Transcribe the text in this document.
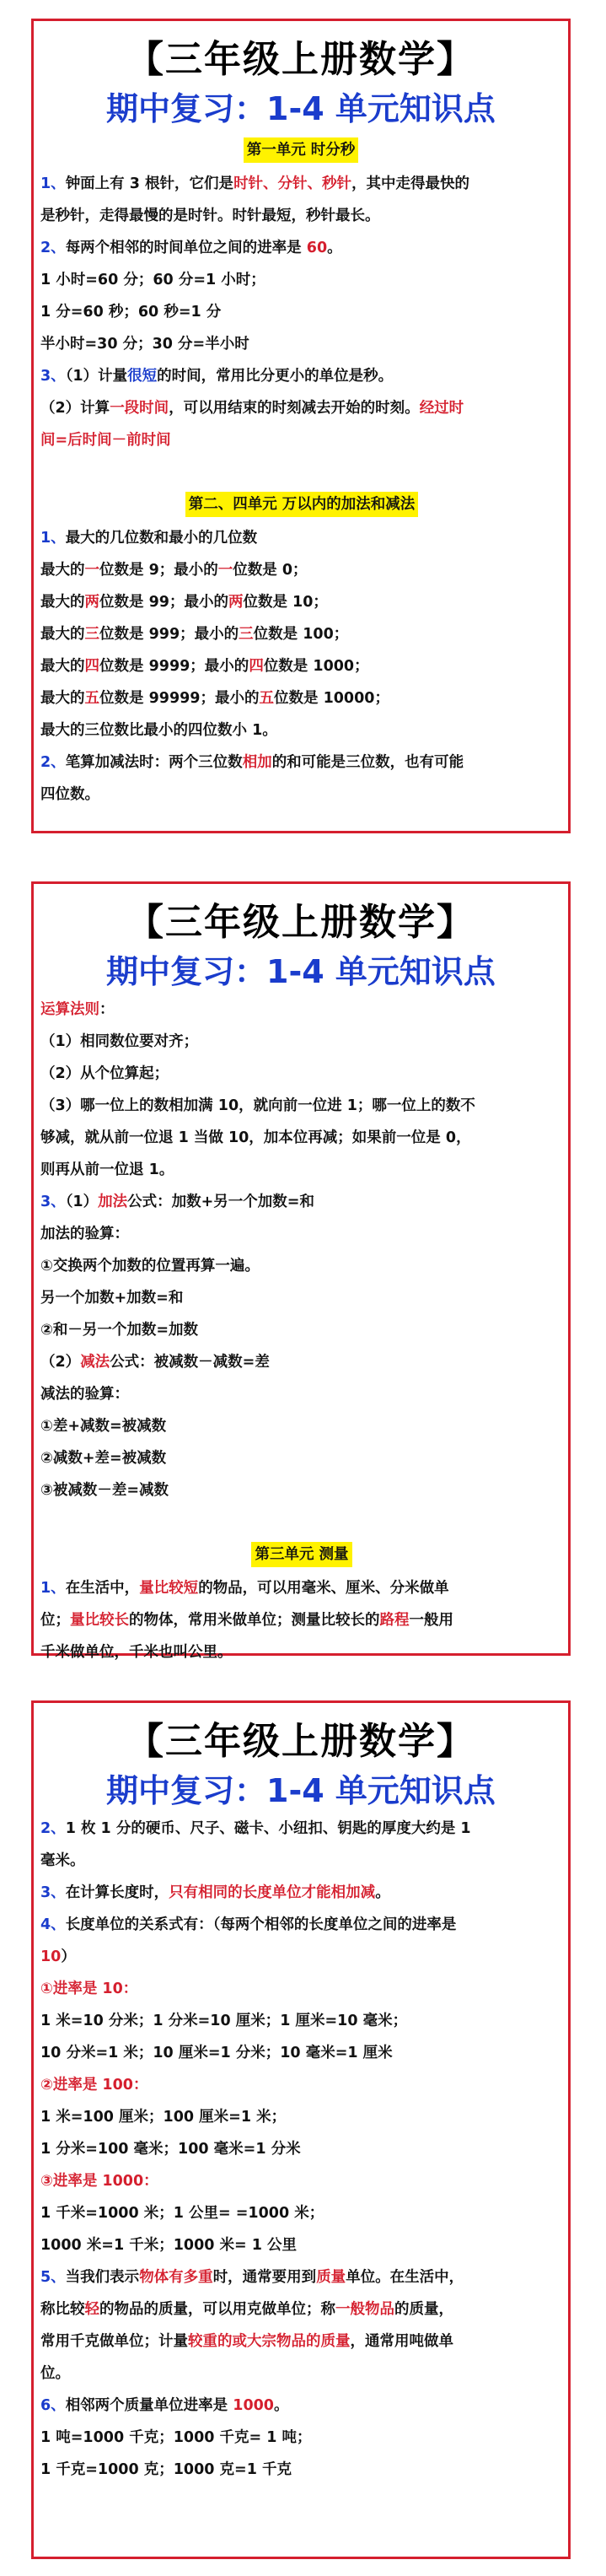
【三年级上册数学】
期中复习：1-4 单元知识点
第一单元 时分秒
1、钟面上有 3 根针，它们是时针、分针、秒针，其中走得最快的
是秒针，走得最慢的是时针。时针最短，秒针最长。
2、每两个相邻的时间单位之间的进率是 60。
1 小时=60 分；60 分=1 小时；
1 分=60 秒；60 秒=1 分
半小时=30 分；30 分=半小时
3、（1）计量很短的时间，常用比分更小的单位是秒。
（2）计算一段时间，可以用结束的时刻减去开始的时刻。经过时
间=后时间－前时间
第二、四单元 万以内的加法和减法
1、最大的几位数和最小的几位数
最大的一位数是 9；最小的一位数是 0；
最大的两位数是 99；最小的两位数是 10；
最大的三位数是 999；最小的三位数是 100；
最大的四位数是 9999；最小的四位数是 1000；
最大的五位数是 99999；最小的五位数是 10000；
最大的三位数比最小的四位数小 1。
2、笔算加减法时：两个三位数相加的和可能是三位数，也有可能
四位数。
【三年级上册数学】
期中复习：1-4 单元知识点
运算法则：
（1）相同数位要对齐；
（2）从个位算起；
（3）哪一位上的数相加满 10，就向前一位进 1；哪一位上的数不
够减，就从前一位退 1 当做 10，加本位再减；如果前一位是 0，
则再从前一位退 1。
3、（1）加法公式：加数+另一个加数=和
加法的验算：
①交换两个加数的位置再算一遍。
另一个加数+加数=和
②和－另一个加数=加数
（2）减法公式：被减数－减数=差
减法的验算：
①差+减数=被减数
②减数+差=被减数
③被减数－差=减数
第三单元 测量
1、在生活中，量比较短的物品，可以用毫米、厘米、分米做单
位；量比较长的物体，常用米做单位；测量比较长的路程一般用
千米做单位，千米也叫公里。
【三年级上册数学】
期中复习：1-4 单元知识点
2、1 枚 1 分的硬币、尺子、磁卡、小纽扣、钥匙的厚度大约是 1
毫米。
3、在计算长度时，只有相同的长度单位才能相加减。
4、长度单位的关系式有：（每两个相邻的长度单位之间的进率是
10）
①进率是 10：
1 米=10 分米；1 分米=10 厘米；1 厘米=10 毫米；
10 分米=1 米；10 厘米=1 分米；10 毫米=1 厘米
②进率是 100：
1 米=100 厘米；100 厘米=1 米；
1 分米=100 毫米；100 毫米=1 分米
③进率是 1000：
1 千米=1000 米；1 公里= =1000 米；
1000 米=1 千米；1000 米= 1 公里
5、当我们表示物体有多重时，通常要用到质量单位。在生活中，
称比较轻的物品的质量，可以用克做单位；称一般物品的质量，
常用千克做单位；计量较重的或大宗物品的质量，通常用吨做单
位。
6、相邻两个质量单位进率是 1000。
1 吨=1000 千克；1000 千克= 1 吨；
1 千克=1000 克；1000 克=1 千克
